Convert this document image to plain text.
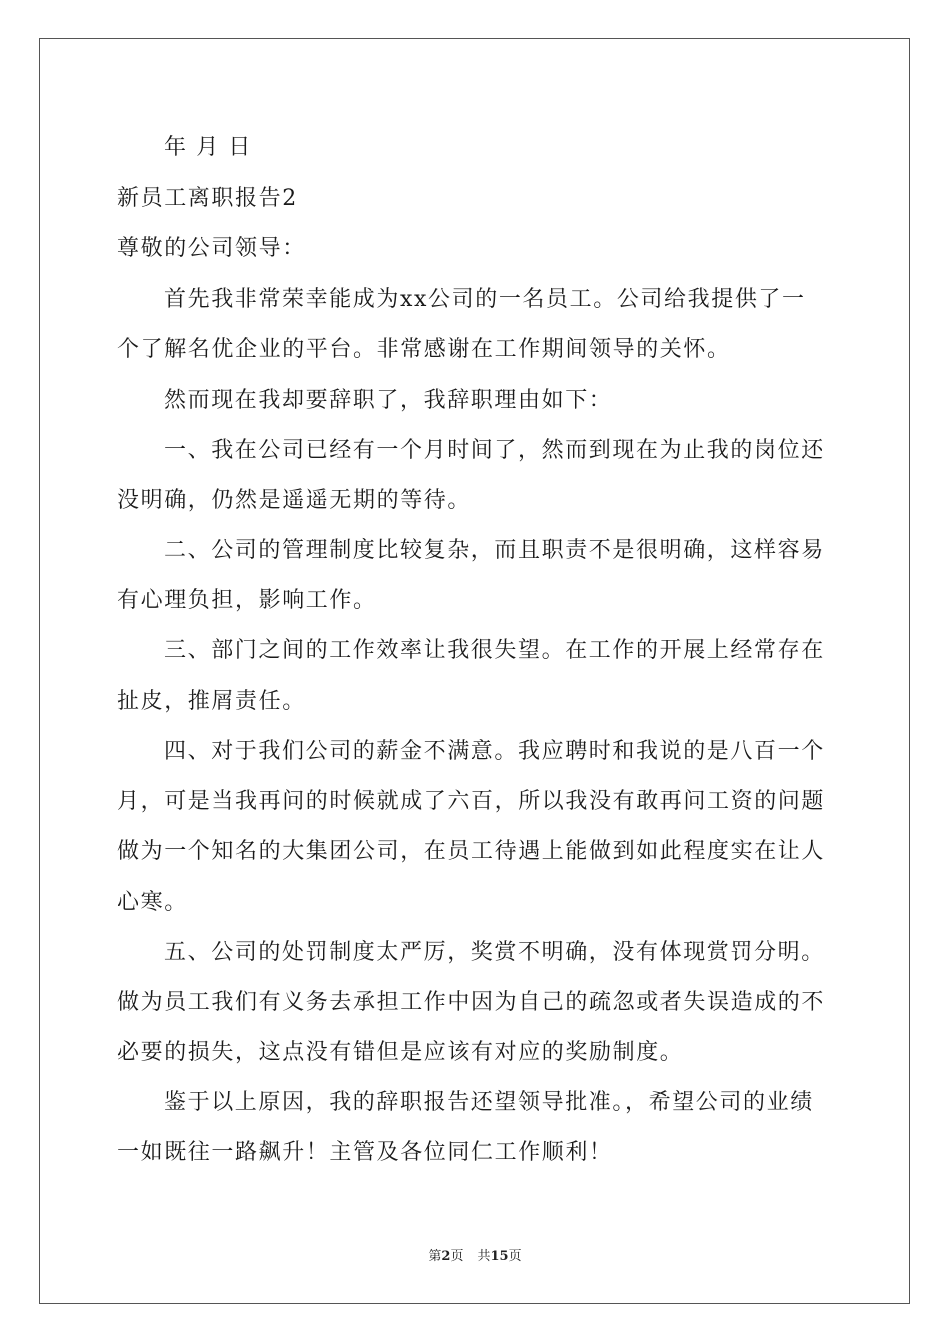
年 月 日
新员工离职报告2
尊敬的公司领导：
首先我非常荣幸能成为xx公司的一名员工。公司给我提供了一
个了解名优企业的平台。非常感谢在工作期间领导的关怀。
然而现在我却要辞职了，我辞职理由如下：
一、我在公司已经有一个月时间了，然而到现在为止我的岗位还
没明确，仍然是遥遥无期的等待。
二、公司的管理制度比较复杂，而且职责不是很明确，这样容易
有心理负担，影响工作。
三、部门之间的工作效率让我很失望。在工作的开展上经常存在
扯皮，推屑责任。
四、对于我们公司的薪金不满意。我应聘时和我说的是八百一个
月，可是当我再问的时候就成了六百，所以我没有敢再问工资的问题
做为一个知名的大集团公司，在员工待遇上能做到如此程度实在让人
心寒。
五、公司的处罚制度太严厉，奖赏不明确，没有体现赏罚分明。
做为员工我们有义务去承担工作中因为自己的疏忽或者失误造成的不
必要的损失，这点没有错但是应该有对应的奖励制度。
鉴于以上原因，我的辞职报告还望领导批准。，希望公司的业绩
一如既往一路飙升！主管及各位同仁工作顺利！
第2页 共15页
